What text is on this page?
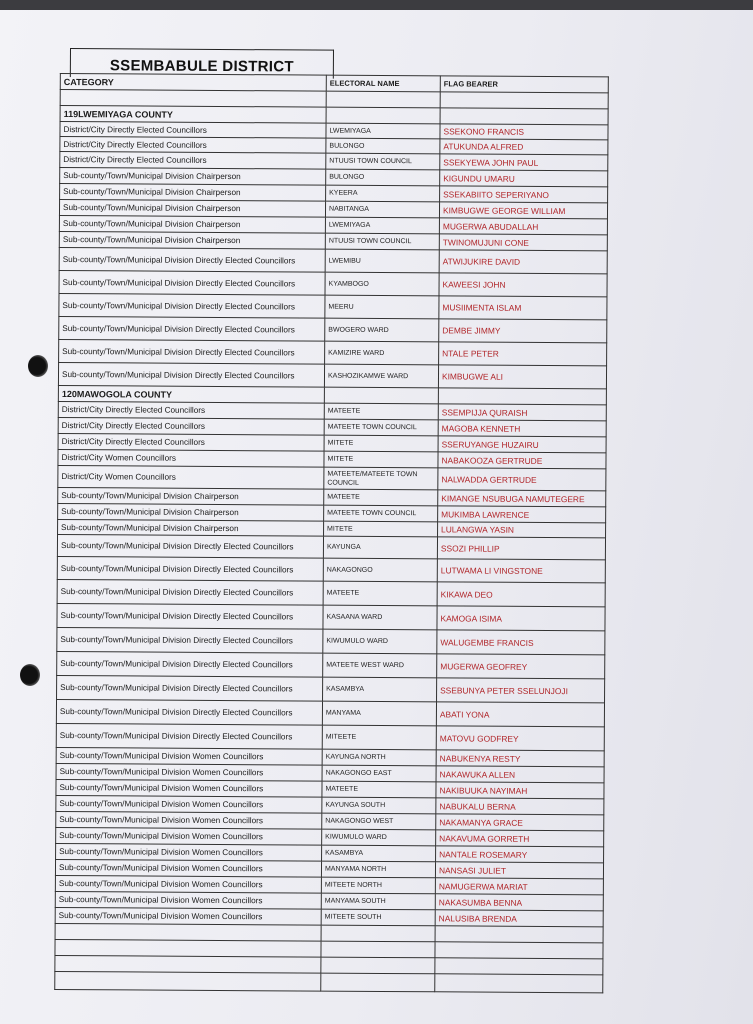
SSEMBABULE DISTRICT
CATEGORY	ELECTORAL NAME	FLAG BEARER

119LWEMIYAGA COUNTY		
District/City Directly Elected Councillors	LWEMIYAGA	SSEKONO FRANCIS
District/City Directly Elected Councillors	BULONGO	ATUKUNDA ALFRED
District/City Directly Elected Councillors	NTUUSI TOWN COUNCIL	SSEKYEWA JOHN PAUL
Sub-county/Town/Municipal Division Chairperson	BULONGO	KIGUNDU UMARU
Sub-county/Town/Municipal Division Chairperson	KYEERA	SSEKABIITO SEPERIYANO
Sub-county/Town/Municipal Division Chairperson	NABITANGA	KIMBUGWE GEORGE WILLIAM
Sub-county/Town/Municipal Division Chairperson	LWEMIYAGA	MUGERWA ABUDALLAH
Sub-county/Town/Municipal Division Chairperson	NTUUSI TOWN COUNCIL	TWINOMUJUNI CONE
Sub-county/Town/Municipal Division Directly Elected Councillors	LWEMIBU	ATWIJUKIRE DAVID
Sub-county/Town/Municipal Division Directly Elected Councillors	KYAMBOGO	KAWEESI JOHN
Sub-county/Town/Municipal Division Directly Elected Councillors	MEERU	MUSIIMENTA ISLAM
Sub-county/Town/Municipal Division Directly Elected Councillors	BWOGERO WARD	DEMBE JIMMY
Sub-county/Town/Municipal Division Directly Elected Councillors	KAMIZIRE WARD	NTALE PETER
Sub-county/Town/Municipal Division Directly Elected Councillors	KASHOZIKAMWE WARD	KIMBUGWE ALI
120MAWOGOLA COUNTY		
District/City Directly Elected Councillors	MATEETE	SSEMPIJJA QURAISH
District/City Directly Elected Councillors	MATEETE TOWN COUNCIL	MAGOBA KENNETH
District/City Directly Elected Councillors	MITETE	SSERUYANGE HUZAIRU
District/City Women Councillors	MITETE	NABAKOOZA GERTRUDE
District/City Women Councillors	MATEETE/MATEETE TOWN COUNCIL	NALWADDA GERTRUDE
Sub-county/Town/Municipal Division Chairperson	MATEETE	KIMANGE NSUBUGA NAMUTEGERE
Sub-county/Town/Municipal Division Chairperson	MATEETE TOWN COUNCIL	MUKIMBA LAWRENCE
Sub-county/Town/Municipal Division Chairperson	MITETE	LULANGWA YASIN
Sub-county/Town/Municipal Division Directly Elected Councillors	KAYUNGA	SSOZI PHILLIP
Sub-county/Town/Municipal Division Directly Elected Councillors	NAKAGONGO	LUTWAMA LI VINGSTONE
Sub-county/Town/Municipal Division Directly Elected Councillors	MATEETE	KIKAWA DEO
Sub-county/Town/Municipal Division Directly Elected Councillors	KASAANA WARD	KAMOGA ISIMA
Sub-county/Town/Municipal Division Directly Elected Councillors	KIWUMULO WARD	WALUGEMBE FRANCIS
Sub-county/Town/Municipal Division Directly Elected Councillors	MATEETE WEST WARD	MUGERWA GEOFREY
Sub-county/Town/Municipal Division Directly Elected Councillors	KASAMBYA	SSEBUNYA PETER SSELUNJOJI
Sub-county/Town/Municipal Division Directly Elected Councillors	MANYAMA	ABATI YONA
Sub-county/Town/Municipal Division Directly Elected Councillors	MITEETE	MATOVU GODFREY
Sub-county/Town/Municipal Division Women Councillors	KAYUNGA NORTH	NABUKENYA RESTY
Sub-county/Town/Municipal Division Women Councillors	NAKAGONGO EAST	NAKAWUKA ALLEN
Sub-county/Town/Municipal Division Women Councillors	MATEETE	NAKIBUUKA NAYIMAH
Sub-county/Town/Municipal Division Women Councillors	KAYUNGA SOUTH	NABUKALU BERNA
Sub-county/Town/Municipal Division Women Councillors	NAKAGONGO WEST	NAKAMANYA GRACE
Sub-county/Town/Municipal Division Women Councillors	KIWUMULO WARD	NAKAVUMA GORRETH
Sub-county/Town/Municipal Division Women Councillors	KASAMBYA	NANTALE ROSEMARY
Sub-county/Town/Municipal Division Women Councillors	MANYAMA NORTH	NANSASI JULIET
Sub-county/Town/Municipal Division Women Councillors	MITEETE NORTH	NAMUGERWA MARIAT
Sub-county/Town/Municipal Division Women Councillors	MANYAMA SOUTH	NAKASUMBA BENNA
Sub-county/Town/Municipal Division Women Councillors	MITEETE SOUTH	NALUSIBA BRENDA
